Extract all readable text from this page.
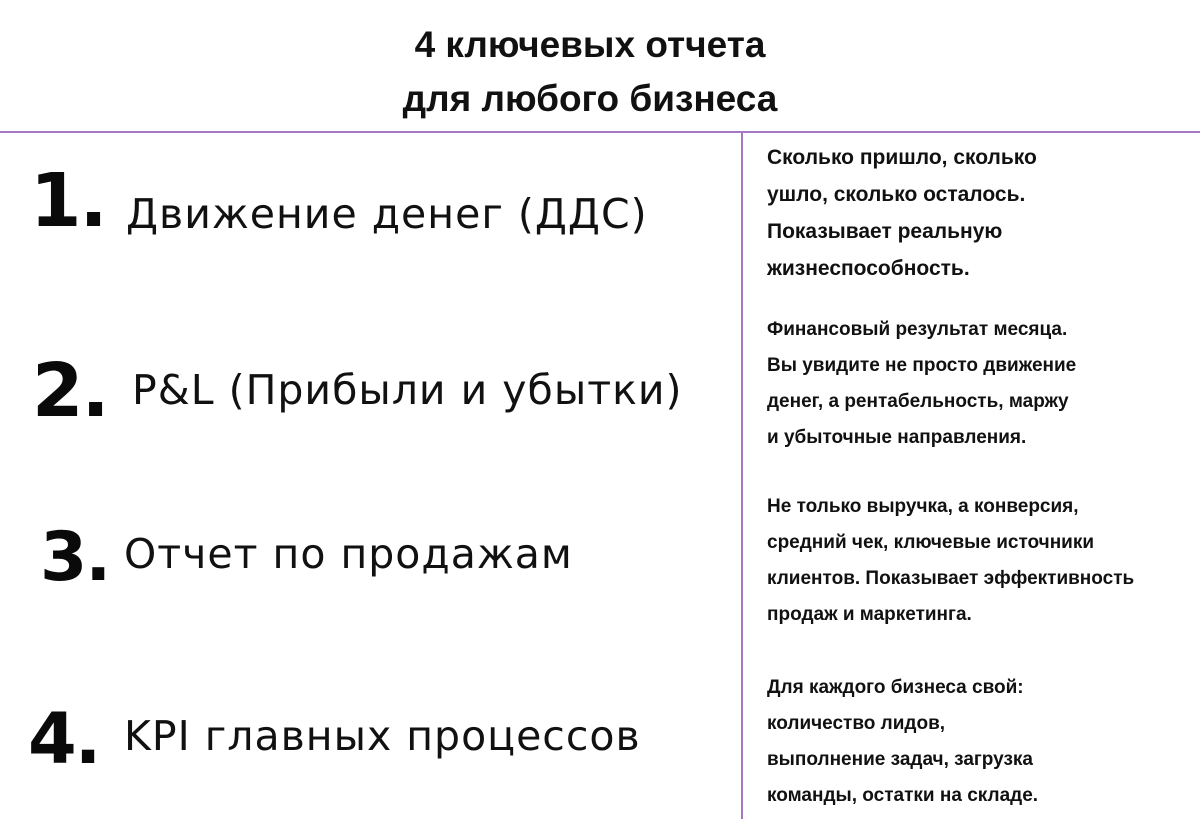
4 ключевых отчета
для любого бизнеса
1. Движение денег (ДДС)
Сколько пришло, сколько
ушло, сколько осталось.
Показывает реальную
жизнеспособность.
2. P&L (Прибыли и убытки)
Финансовый результат месяца.
Вы увидите не просто движение
денег, а рентабельность, маржу
и убыточные направления.
3. Отчет по продажам
Не только выручка, а конверсия,
средний чек, ключевые источники
клиентов. Показывает эффективность
продаж и маркетинга.
4. KPI главных процессов
Для каждого бизнеса свой:
количество лидов,
выполнение задач, загрузка
команды, остатки на складе.
